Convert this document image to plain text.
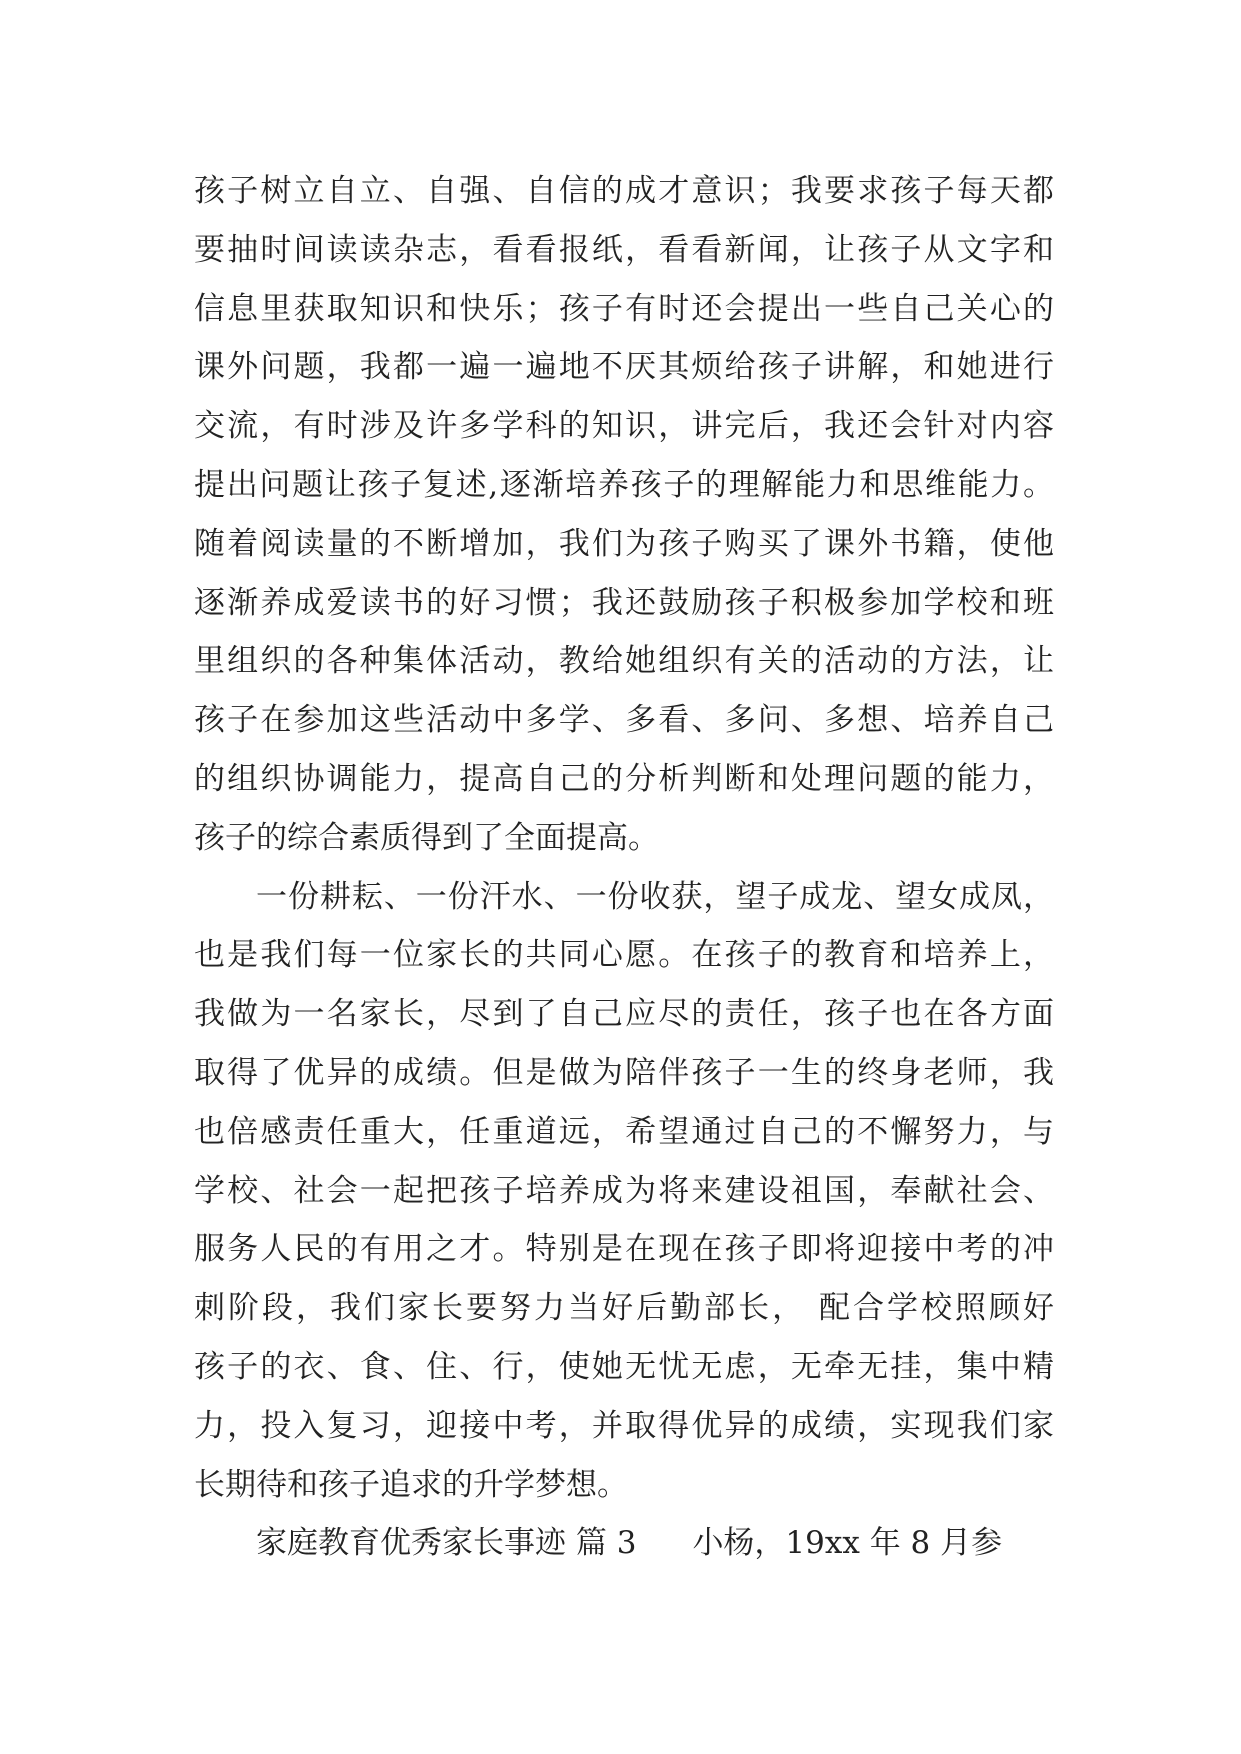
孩子树立自立、自强、自信的成才意识；我要求孩子每天都
要抽时间读读杂志，看看报纸，看看新闻，让孩子从文字和
信息里获取知识和快乐；孩子有时还会提出一些自己关心的
课外问题，我都一遍一遍地不厌其烦给孩子讲解，和她进行
交流，有时涉及许多学科的知识，讲完后，我还会针对内容
提出问题让孩子复述,逐渐培养孩子的理解能力和思维能力。
随着阅读量的不断增加，我们为孩子购买了课外书籍，使他
逐渐养成爱读书的好习惯；我还鼓励孩子积极参加学校和班
里组织的各种集体活动，教给她组织有关的活动的方法，让
孩子在参加这些活动中多学、多看、多问、多想、培养自己
的组织协调能力，提高自己的分析判断和处理问题的能力，
孩子的综合素质得到了全面提高。
一份耕耘、一份汗水、一份收获，望子成龙、望女成凤，
也是我们每一位家长的共同心愿。在孩子的教育和培养上，
我做为一名家长，尽到了自己应尽的责任，孩子也在各方面
取得了优异的成绩。但是做为陪伴孩子一生的终身老师，我
也倍感责任重大，任重道远，希望通过自己的不懈努力，与
学校、社会一起把孩子培养成为将来建设祖国，奉献社会、
服务人民的有用之才。特别是在现在孩子即将迎接中考的冲
刺阶段，我们家长要努力当好后勤部长， 配合学校照顾好
孩子的衣、食、住、行，使她无忧无虑，无牵无挂，集中精
力，投入复习，迎接中考，并取得优异的成绩，实现我们家
长期待和孩子追求的升学梦想。
家庭教育优秀家长事迹 篇 3 小杨，19xx 年 8 月参
